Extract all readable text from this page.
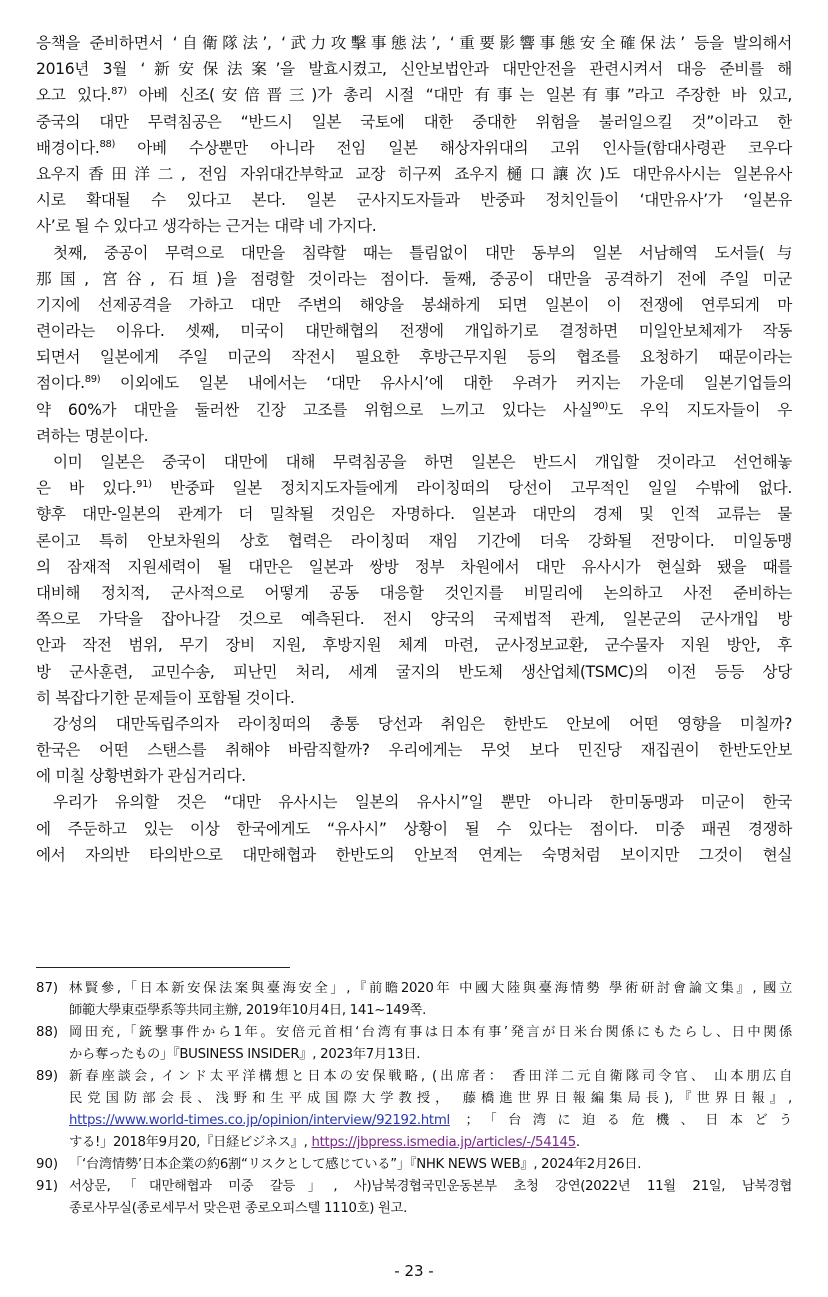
응책을 준비하면서 ‘自衛隊法’, ‘武力攻擊事態法’, ‘重要影響事態安全確保法’ 등을 발의해서
2016년 3월 ‘新安保法案’을 발효시켰고, 신안보법안과 대만안전을 관련시켜서 대응 준비를 해
오고 있다.$^{87)}$ 아베 신조(安倍晋三)가 총리 시절 “대만 有事는 일본有事”라고 주장한 바 있고,
중국의 대만 무력침공은 “반드시 일본 국토에 대한 중대한 위험을 불러일으킬 것”이라고 한
배경이다.$^{88)}$ 아베 수상뿐만 아니라 전임 일본 해상자위대의 고위 인사들(함대사령관 코우다
요우지香田洋二, 전임 자위대간부학교 교장 히구찌 죠우지樋口讓次)도 대만유사시는 일본유사
시로 확대될 수 있다고 본다. 일본 군사지도자들과 반중파 정치인들이 ‘대만유사’가 ‘일본유
사’로 될 수 있다고 생각하는 근거는 대략 네 가지다.
첫째, 중공이 무력으로 대만을 침략할 때는 틀림없이 대만 동부의 일본 서남해역 도서들(与
那国, 宮谷, 石垣)을 점령할 것이라는 점이다. 둘째, 중공이 대만을 공격하기 전에 주일 미군
기지에 선제공격을 가하고 대만 주변의 해양을 봉쇄하게 되면 일본이 이 전쟁에 연루되게 마
련이라는 이유다. 셋째, 미국이 대만해협의 전쟁에 개입하기로 결정하면 미일안보체제가 작동
되면서 일본에게 주일 미군의 작전시 필요한 후방근무지원 등의 협조를 요청하기 때문이라는
점이다.$^{89)}$ 이외에도 일본 내에서는 ‘대만 유사시’에 대한 우려가 커지는 가운데 일본기업들의
약 60%가 대만을 둘러싼 긴장 고조를 위험으로 느끼고 있다는 사실$^{90)}$도 우익 지도자들이 우
려하는 명분이다.
이미 일본은 중국이 대만에 대해 무력침공을 하면 일본은 반드시 개입할 것이라고 선언해놓
은 바 있다.$^{91)}$ 반중파 일본 정치지도자들에게 라이칭떠의 당선이 고무적인 일일 수밖에 없다.
향후 대만-일본의 관계가 더 밀착될 것임은 자명하다. 일본과 대만의 경제 및 인적 교류는 물
론이고 특히 안보차원의 상호 협력은 라이칭떠 재임 기간에 더욱 강화될 전망이다. 미일동맹
의 잠재적 지원세력이 될 대만은 일본과 쌍방 정부 차원에서 대만 유사시가 현실화 됐을 때를
대비해 정치적, 군사적으로 어떻게 공동 대응할 것인지를 비밀리에 논의하고 사전 준비하는
쪽으로 가닥을 잡아나갈 것으로 예측된다. 전시 양국의 국제법적 관계, 일본군의 군사개입 방
안과 작전 범위, 무기 장비 지원, 후방지원 체계 마련, 군사정보교환, 군수물자 지원 방안, 후
방 군사훈련, 교민수송, 피난민 처리, 세계 굴지의 반도체 생산업체(TSMC)의 이전 등등 상당
히 복잡다기한 문제들이 포함될 것이다.
강성의 대만독립주의자 라이칭떠의 총통 당선과 취임은 한반도 안보에 어떤 영향을 미칠까?
한국은 어떤 스탠스를 취해야 바람직할까? 우리에게는 무엇 보다 민진당 재집권이 한반도안보
에 미칠 상황변화가 관심거리다.
우리가 유의할 것은 “대만 유사시는 일본의 유사시”일 뿐만 아니라 한미동맹과 미군이 한국
에 주둔하고 있는 이상 한국에게도 “유사시” 상황이 될 수 있다는 점이다. 미중 패권 경쟁하
에서 자의반 타의반으로 대만해협과 한반도의 안보적 연계는 숙명처럼 보이지만 그것이 현실
87) 林賢參,「日本新安保法案與臺海安全」,『前瞻2020年 中國大陸與臺海情勢 學術研討會論文集』, 國立
師範大學東亞學系等共同主辦, 2019年10月4日, 141~149쪽.
88) 岡田充,「銃撃事件から1年。安倍元首相‘台湾有事は日本有事’発言が日米台関係にもたらし、日中関係
から奪ったもの」『BUSINESS INSIDER』, 2023年7月13日.
89) 新春座談会, インド太平洋構想と日本の安保戦略, (出席者： 香田洋二元自衛隊司令官、 山本朋広自
民党国防部会長、浅野和生平成国際大学教授， 藤橋進世界日報編集局長),『世界日報』,
https://www.world-times.co.jp/opinion/interview/92192.html ；「台湾に迫る危機、日本どう
する!」2018年9月20,『日経ビジネス』, https://jbpress.ismedia.jp/articles/-/54145.
90) 「‘台湾情勢’日本企業の約6割“リスクとして感じている”」『NHK NEWS WEB』, 2024年2月26日.
91) 서상문,「대만해협과 미중 갈등」, 사)남북경협국민운동본부 초청 강연(2022년 11월 21일, 남북경협
종로사무실(종로세무서 맞은편 종로오피스텔 1110호) 원고.
- 23 -
